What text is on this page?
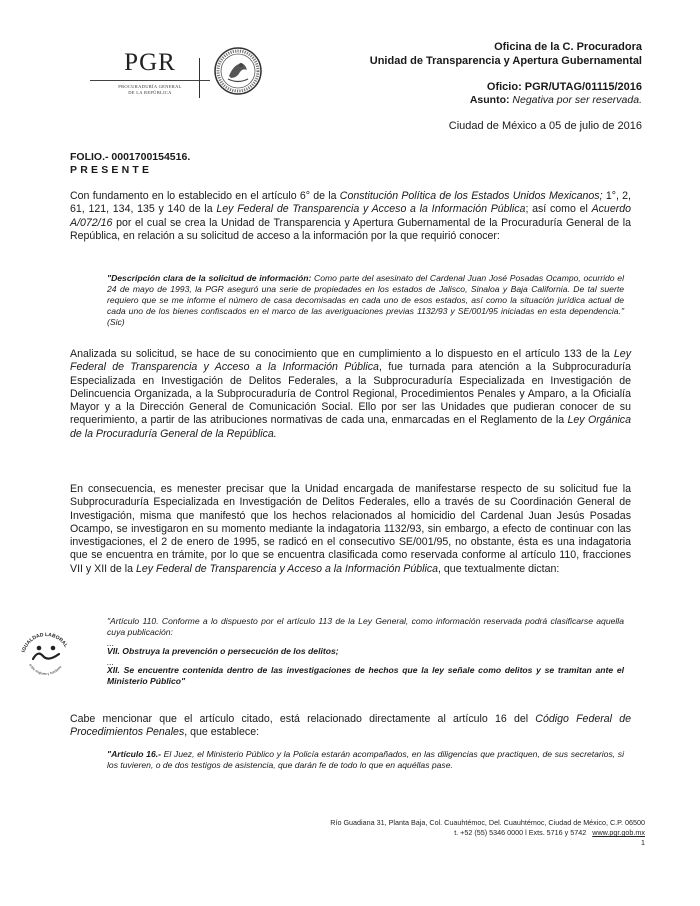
PGR
PROCURADURÍA GENERAL
DE LA REPÚBLICA
Oficina de la C. Procuradora
Unidad de Transparencia y Apertura Gubernamental
Oficio: PGR/UTAG/01115/2016
Asunto: Negativa por ser reservada.
Ciudad de México a 05 de julio de 2016
FOLIO.- 0001700154516.
PRESENTE
Con fundamento en lo establecido en el artículo 6° de la Constitución Política de los Estados Unidos Mexicanos; 1°, 2, 61, 121, 134, 135 y 140 de la Ley Federal de Transparencia y Acceso a la Información Pública; así como el Acuerdo A/072/16 por el cual se crea la Unidad de Transparencia y Apertura Gubernamental de la Procuraduría General de la República, en relación a su solicitud de acceso a la información por la que requirió conocer:
"Descripción clara de la solicitud de información: Como parte del asesinato del Cardenal Juan José Posadas Ocampo, ocurrido el 24 de mayo de 1993, la PGR aseguró una serie de propiedades en los estados de Jalisco, Sinaloa y Baja California. De tal suerte requiero que se me informe el número de casa decomisadas en cada uno de esos estados, así como la situación jurídica actual de cada uno de los bienes confiscados en el marco de las averiguaciones previas 1132/93 y SE/001/95 iniciadas en esta dependencia." (Sic)
Analizada su solicitud, se hace de su conocimiento que en cumplimiento a lo dispuesto en el artículo 133 de la Ley Federal de Transparencia y Acceso a la Información Pública, fue turnada para atención a la Subprocuraduría Especializada en Investigación de Delitos Federales, a la Subprocuraduría Especializada en Investigación de Delincuencia Organizada, a la Subprocuraduría de Control Regional, Procedimientos Penales y Amparo, a la Oficialía Mayor y a la Dirección General de Comunicación Social. Ello por ser las Unidades que pudieran conocer de su requerimiento, a partir de las atribuciones normativas de cada una, enmarcadas en el Reglamento de la Ley Orgánica de la Procuraduría General de la República.
En consecuencia, es menester precisar que la Unidad encargada de manifestarse respecto de su solicitud fue la Subprocuraduría Especializada en Investigación de Delitos Federales, ello a través de su Coordinación General de Investigación, misma que manifestó que los hechos relacionados al homicidio del Cardenal Juan Jesús Posadas Ocampo, se investigaron en su momento mediante la indagatoria 1132/93, sin embargo, a efecto de continuar con las investigaciones, el 2 de enero de 1995, se radicó en el consecutivo SE/001/95, no obstante, ésta es una indagatoria que se encuentra en trámite, por lo que se encuentra clasificada como reservada conforme al artículo 110, fracciones VII y XII de la Ley Federal de Transparencia y Acceso a la Información Pública, que textualmente dictan:
"Artículo 110. Conforme a lo dispuesto por el artículo 113 de la Ley General, como información reservada podrá clasificarse aquella cuya publicación:
...
VII. Obstruya la prevención o persecución de los delitos;
...
XII. Se encuentre contenida dentro de las investigaciones de hechos que la ley señale como delitos y se tramitan ante el Ministerio Público"
IGUALDAD LABORAL
entre mujeres y hombres
Cabe mencionar que el artículo citado, está relacionado directamente al artículo 16 del Código Federal de Procedimientos Penales, que establece:
"Artículo 16.- El Juez, el Ministerio Público y la Policía estarán acompañados, en las diligencias que practiquen, de sus secretarios, si los tuvieren, o de dos testigos de asistencia, que darán fe de todo lo que en aquéllas pase.
Río Guadiana 31, Planta Baja, Col. Cuauhtémoc, Del. Cuauhtémoc, Ciudad de México, C.P. 06500
t. +52 (55) 5346 0000 l Exts. 5716 y 5742 www.pgr.gob.mx
1
